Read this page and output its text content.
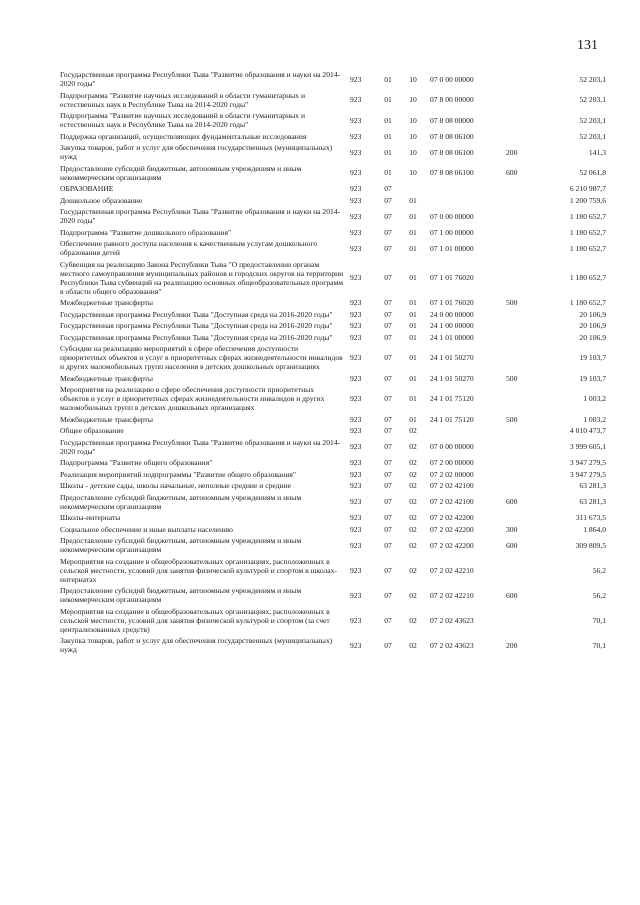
131
Государственная программа Республики Тыва "Развитие образования и науки на 2014-2020 годы"	923	01	10	07 0 00 00000		52 203,1
Подпрограмма "Развитие научных исследований в области гуманитарных и естественных наук в Республике Тыва на 2014-2020 годы"	923	01	10	07 8 00 00000		52 203,1
Подпрограмма "Развитие научных исследований в области гуманитарных и естественных наук в Республике Тыва на 2014-2020 годы"	923	01	10	07 8 08 00000		52 203,1
Поддержка организаций, осуществляющих фундаментальные исследования	923	01	10	07 8 08 06100		52 203,1
Закупка товаров, работ и услуг для обеспечения государственных (муниципальных) нужд	923	01	10	07 8 08 06100	200	141,3
Предоставление субсидий бюджетным, автономным учреждениям и иным некоммерческим организациям	923	01	10	07 8 08 06100	600	52 061,8
ОБРАЗОВАНИЕ	923	07				6 210 987,7
Дошкольное образование	923	07	01			1 200 759,6
Государственная программа Республики Тыва "Развитие образования и науки на 2014-2020 годы"	923	07	01	07 0 00 00000		1 180 652,7
Подпрограмма "Развитие дошкольного образования"	923	07	01	07 1 00 00000		1 180 652,7
Обеспечение равного доступа населения к качественным услугам дошкольного образования детей	923	07	01	07 1 01 00000		1 180 652,7
Субвенция на реализацию Закона Республики Тыва "О предоставлении органам местного самоуправления муниципальных районов и городских округов на территории Республики Тыва субвенций на реализацию основных общеобразовательных программ в области общего образования"	923	07	01	07 1 01 76020		1 180 652,7
Межбюджетные трансферты	923	07	01	07 1 01 76020	500	1 180 652,7
Государственная программа Республики Тыва "Доступная среда на 2016-2020 годы"	923	07	01	24 0 00 00000		20 106,9
Государственная программа Республики Тыва "Доступная среда на 2016-2020 годы"	923	07	01	24 1 00 00000		20 106,9
Государственная программа Республики Тыва "Доступная среда на 2016-2020 годы"	923	07	01	24 1 01 00000		20 106,9
Субсидии на реализацию мероприятий в сфере обеспечения доступности приоритетных объектов и услуг в приоритетных сферах жизнедеятельности инвалидов и других маломобильных групп населения в детских дошкольных организациях	923	07	01	24 1 01 50270		19 103,7
Межбюджетные трансферты	923	07	01	24 1 01 50270	500	19 103,7
Мероприятия на реализацию в сфере обеспечения доступности приоритетных объектов и услуг в приоритетных сферах жизнедеятельности инвалидов и других маломобильных групп в детских дошкольных организациях	923	07	01	24 1 01 75120		1 003,2
Межбюджетные трансферты	923	07	01	24 1 01 75120	500	1 003,2
Общее образование	923	07	02			4 010 473,7
Государственная программа Республики Тыва "Развитие образования и науки на 2014-2020 годы"	923	07	02	07 0 00 00000		3 999 605,1
Подпрограмма "Развитие общего образования"	923	07	02	07 2 00 00000		3 947 279,5
Реализация мероприятий подпрограммы "Развитие общего образования"	923	07	02	07 2 02 00000		3 947 279,5
Школы - детские сады, школы начальные, неполные средние и средние	923	07	02	07 2 02 42100		63 281,3
Предоставление субсидий бюджетным, автономным учреждениям и иным некоммерческим организациям	923	07	02	07 2 02 42100	600	63 281,3
Школы-интернаты	923	07	02	07 2 02 42200		311 673,5
Социальное обеспечение и иные выплаты населению	923	07	02	07 2 02 42200	300	1 864,0
Предоставление субсидий бюджетным, автономным учреждениям и иным некоммерческим организациям	923	07	02	07 2 02 42200	600	309 809,5
Мероприятия на создание в общеобразовательных организациях, расположенных в сельской местности, условий для занятия физической культурой и спортом в школах-интернатах	923	07	02	07 2 02 42210		56,2
Предоставление субсидий бюджетным, автономным учреждениям и иным некоммерческим организациям	923	07	02	07 2 02 42210	600	56,2
Мероприятия на создание в общеобразовательных организациях, расположенных в сельской местности, условий для занятия физической культурой и спортом (за счет централизованных средств)	923	07	02	07 2 02 43623		70,1
Закупка товаров, работ и услуг для обеспечения государственных (муниципальных) нужд	923	07	02	07 2 02 43623	200	70,1
